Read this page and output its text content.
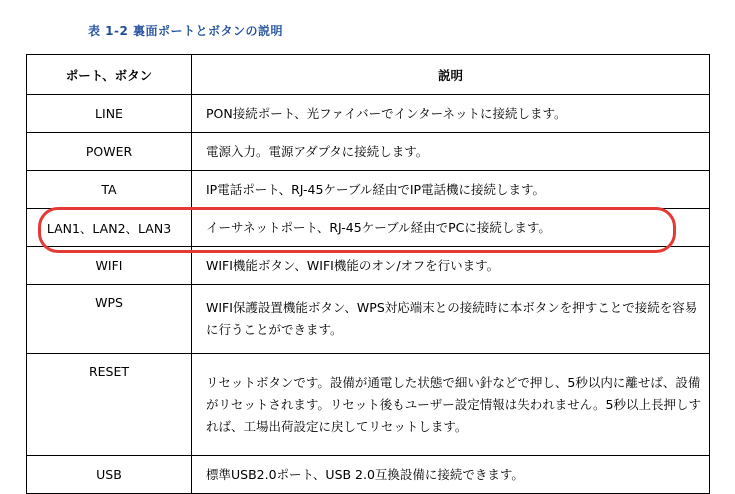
表 1-2 裏面ポートとボタンの説明
ポート、ボタン	説明
LINE	PON接続ポート、光ファイバーでインターネットに接続します。
POWER	電源入力。電源アダプタに接続します。
TA	IP電話ポート、RJ-45ケーブル経由でIP電話機に接続します。
LAN1、LAN2、LAN3	イーサネットポート、RJ-45ケーブル経由でPCに接続します。
WIFI	WIFI機能ボタン、WIFI機能のオン/オフを行います。
WPS	WIFI保護設置機能ボタン、WPS対応端末との接続時に本ボタンを押すことで接続を容易に行うことができます。
RESET	リセットボタンです。設備が通電した状態で細い針などで押し、5秒以内に離せば、設備がリセットされます。リセット後もユーザー設定情報は失われません。5秒以上長押しすれば、工場出荷設定に戻してリセットします。
USB	標準USB2.0ポート、USB 2.0互換設備に接続できます。
